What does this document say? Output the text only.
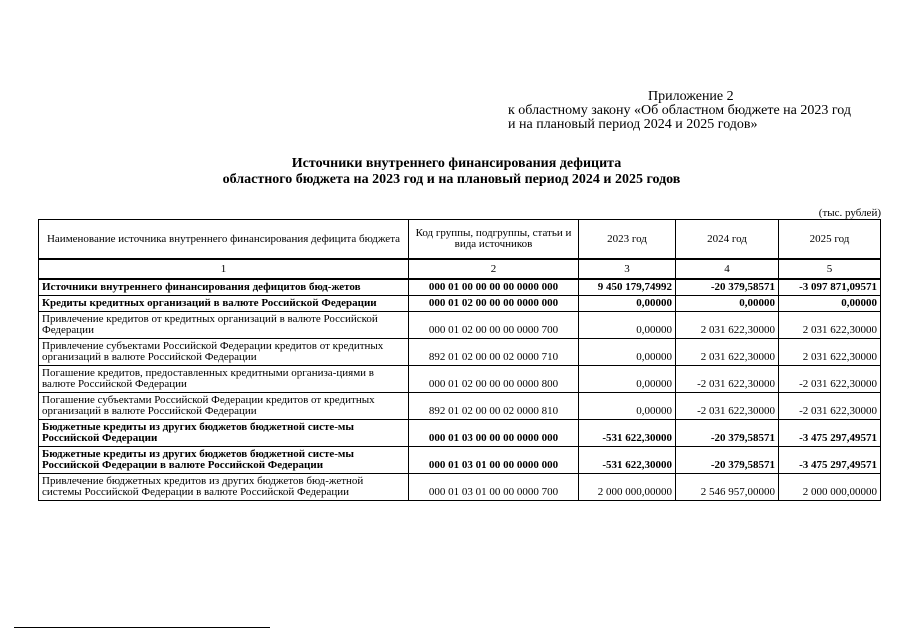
Приложение 2
к областному закону «Об областном бюджете на 2023 год
и на плановый период 2024 и 2025 годов»
Источники внутреннего финансирования дефицита
областного бюджета на 2023 год и на плановый период 2024 и 2025 годов
(тыс. рублей)
Наименование источника внутреннего финансирования дефицита бюджета	Код группы, подгруппы, статьи и вида источников	2023 год	2024 год	2025 год
1	2	3	4	5
Источники внутреннего финансирования дефицитов бюд-жетов	000 01 00 00 00 00 0000 000	9 450 179,74992	-20 379,58571	-3 097 871,09571
Кредиты кредитных организаций в валюте Российской Федерации	000 01 02 00 00 00 0000 000	0,00000	0,00000	0,00000
Привлечение кредитов от кредитных организаций в валюте Российской Федерации	000 01 02 00 00 00 0000 700	0,00000	2 031 622,30000	2 031 622,30000
Привлечение субъектами Российской Федерации кредитов от кредитных организаций в валюте Российской Федерации	892 01 02 00 00 02 0000 710	0,00000	2 031 622,30000	2 031 622,30000
Погашение кредитов, предоставленных кредитными организа-циями в валюте Российской Федерации	000 01 02 00 00 00 0000 800	0,00000	-2 031 622,30000	-2 031 622,30000
Погашение субъектами Российской Федерации кредитов от кредитных организаций в валюте Российской Федерации	892 01 02 00 00 02 0000 810	0,00000	-2 031 622,30000	-2 031 622,30000
Бюджетные кредиты из других бюджетов бюджетной систе-мы Российской Федерации	000 01 03 00 00 00 0000 000	-531 622,30000	-20 379,58571	-3 475 297,49571
Бюджетные кредиты из других бюджетов бюджетной систе-мы Российской Федерации в валюте Российской Федерации	000 01 03 01 00 00 0000 000	-531 622,30000	-20 379,58571	-3 475 297,49571
Привлечение бюджетных кредитов из других бюджетов бюд-жетной системы Российской Федерации в валюте Российской Федерации	000 01 03 01 00 00 0000 700	2 000 000,00000	2 546 957,00000	2 000 000,00000
